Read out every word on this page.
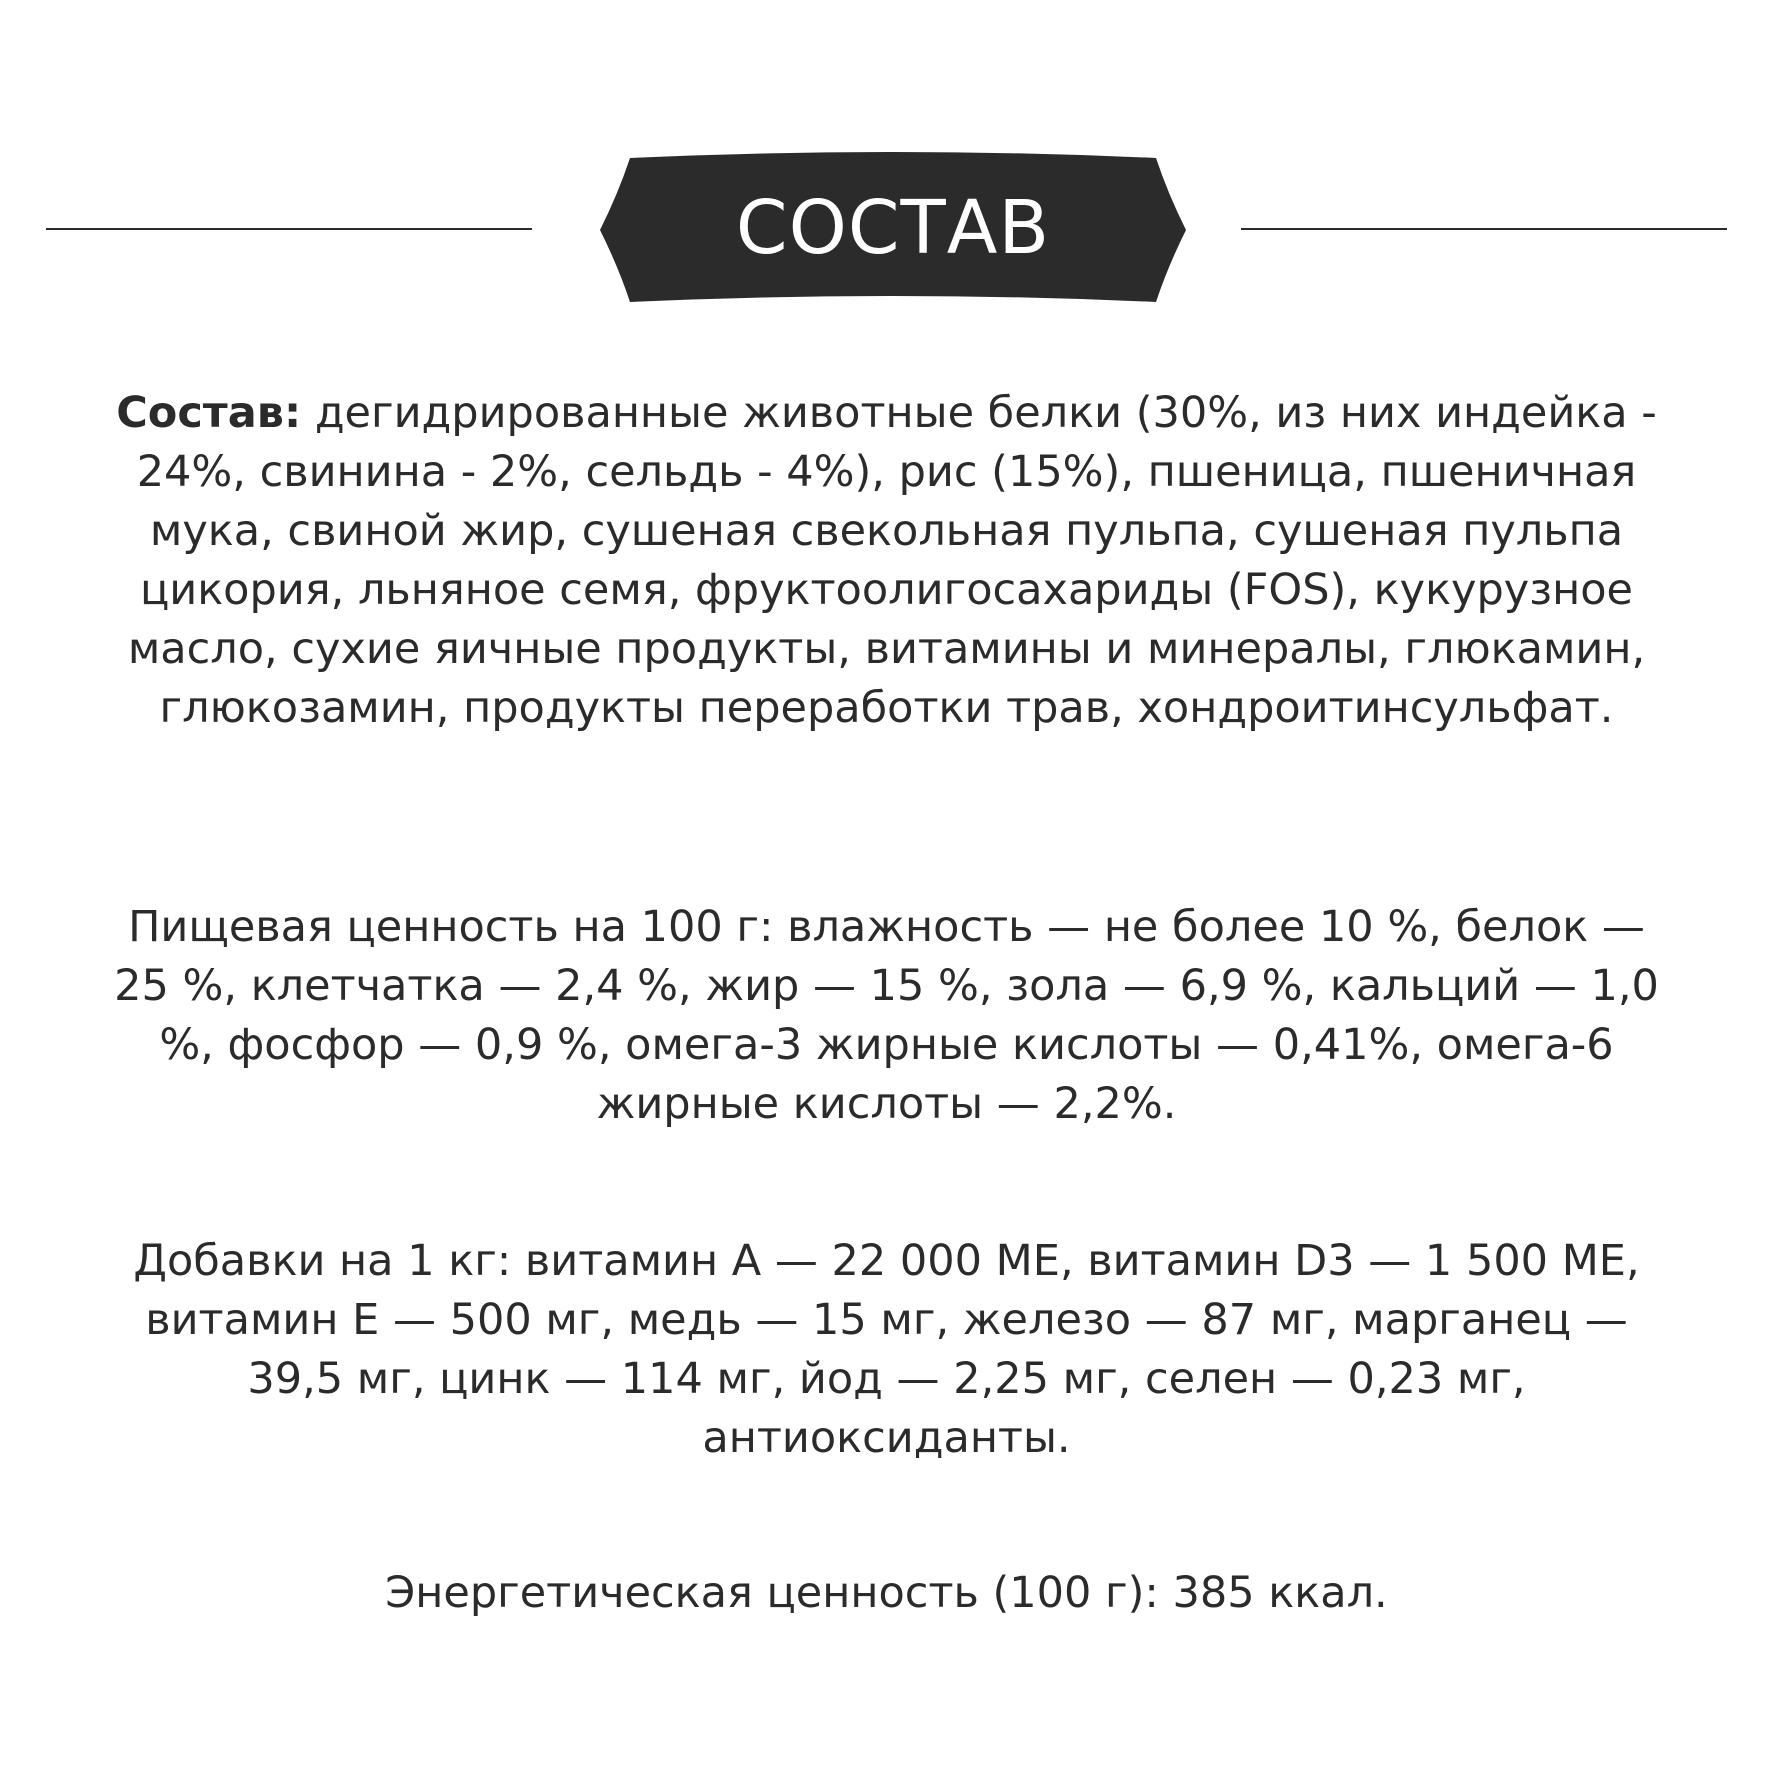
СОСТАВ
Состав: дегидрированные животные белки (30%, из них индейка - 24%, свинина - 2%, сельдь - 4%), рис (15%), пшеница, пшеничная мука, свиной жир, сушеная свекольная пульпа, сушеная пульпа цикория, льняное семя, фруктоолигосахариды (FOS), кукурузное масло, сухие яичные продукты, витамины и минералы, глюкамин, глюкозамин, продукты переработки трав, хондроитинсульфат.
Пищевая ценность на 100 г: влажность — не более 10 %, белок — 25 %, клетчатка — 2,4 %, жир — 15 %, зола — 6,9 %, кальций — 1,0 %, фосфор — 0,9 %, омега-3 жирные кислоты — 0,41%, омега-6 жирные кислоты — 2,2%.
Добавки на 1 кг: витамин А — 22 000 МЕ, витамин D3 — 1 500 МЕ, витамин Е — 500 мг, медь — 15 мг, железо — 87 мг, марганец — 39,5 мг, цинк — 114 мг, йод — 2,25 мг, селен — 0,23 мг, антиоксиданты.
Энергетическая ценность (100 г): 385 ккал.
